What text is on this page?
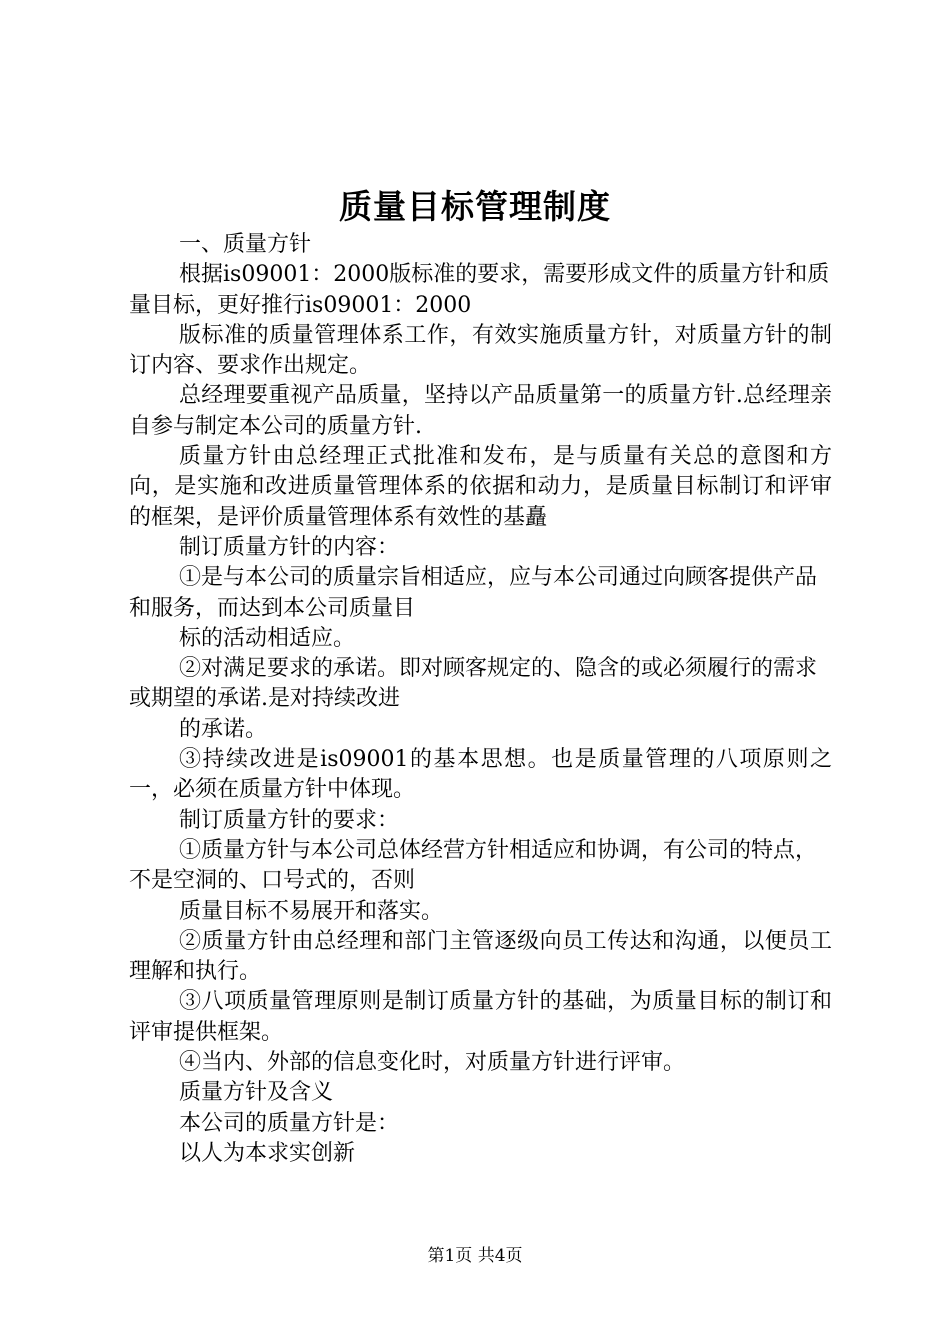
质量目标管理制度

一、质量方针

根据is09001：2000版标准的要求，需要形成文件的质量方针和质量目标，更好推行is09001：2000

版标准的质量管理体系工作，有效实施质量方针，对质量方针的制订内容、要求作出规定。

总经理要重视产品质量，坚持以产品质量第一的质量方针.总经理亲自参与制定本公司的质量方针.

质量方针由总经理正式批准和发布，是与质量有关总的意图和方向，是实施和改进质量管理体系的依据和动力，是质量目标制订和评审的框架，是评价质量管理体系有效性的基矗

制订质量方针的内容：

①是与本公司的质量宗旨相适应，应与本公司通过向顾客提供产品和服务，而达到本公司质量目

标的活动相适应。

②对满足要求的承诺。即对顾客规定的、隐含的或必须履行的需求或期望的承诺.是对持续改进

的承诺。

③持续改进是is09001的基本思想。也是质量管理的八项原则之一，必须在质量方针中体现。

制订质量方针的要求：

①质量方针与本公司总体经营方针相适应和协调，有公司的特点，不是空洞的、口号式的，否则

质量目标不易展开和落实。

②质量方针由总经理和部门主管逐级向员工传达和沟通，以便员工理解和执行。

③八项质量管理原则是制订质量方针的基础，为质量目标的制订和评审提供框架。

④当内、外部的信息变化时，对质量方针进行评审。

质量方针及含义

本公司的质量方针是：

以人为本求实创新

第1页 共4页
